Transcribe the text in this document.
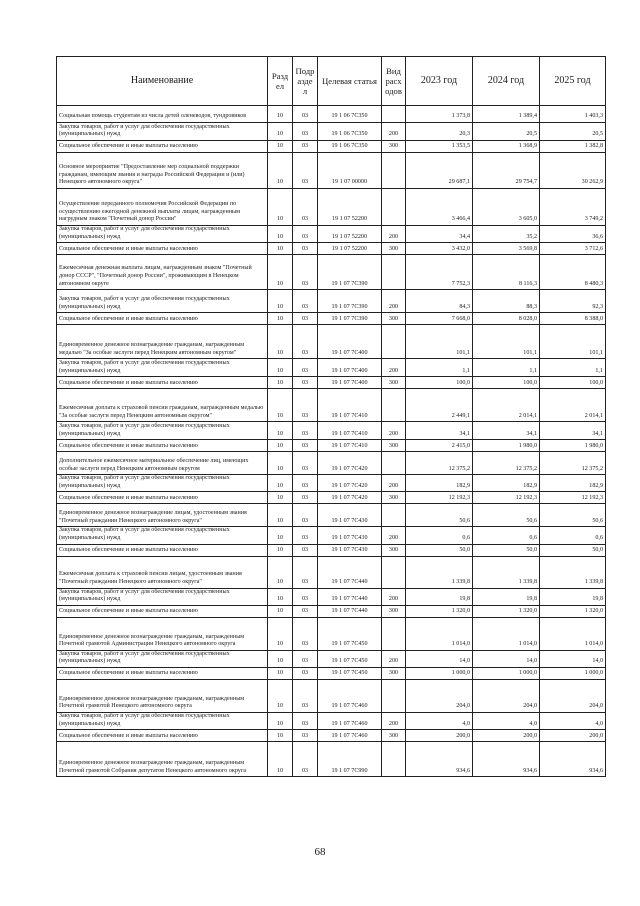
Наименование	Разд ел	Подр азде л	Целевая статья	Вид расх одов	2023 год	2024 год	2025 год
Социальная помощь студентам из числа детей оленеводов, тундровиков	10	03	19 1 06 7С350		1 373,8	1 389,4	1 403,3
Закупка товаров, работ и услуг для обеспечения государственных (муниципальных) нужд	10	03	19 1 06 7С350	200	20,3	20,5	20,5
Социальное обеспечение и иные выплаты населению	10	03	19 1 06 7С350	300	1 353,5	1 368,9	1 382,8
Основное мероприятие "Предоставление мер социальной поддержки гражданам, имеющим звания и награды Российской Федерации и (или) Ненецкого автономного округа"	10	03	19 1 07 00000		29 687,1	29 754,7	30 262,9
Осуществление переданного полномочия Российской Федерации по осуществлению ежегодной денежной выплаты лицам, награжденным нагрудным знаком "Почетный донор России"	10	03	19 1 07 52200		3 466,4	3 605,0	3 749,2
Закупка товаров, работ и услуг для обеспечения государственных (муниципальных) нужд	10	03	19 1 07 52200	200	34,4	35,2	36,6
Социальное обеспечение и иные выплаты населению	10	03	19 1 07 52200	300	3 432,0	3 569,8	3 712,6
Ежемесячная денежная выплата лицам, награжденным знаком "Почетный донор СССР", "Почетный донор России", проживающим в Ненецком автономном округе	10	03	19 1 07 7С390		7 752,3	8 116,3	8 480,3
Закупка товаров, работ и услуг для обеспечения государственных (муниципальных) нужд	10	03	19 1 07 7С390	200	84,3	88,3	92,3
Социальное обеспечение и иные выплаты населению	10	03	19 1 07 7С390	300	7 668,0	8 028,0	8 388,0
Единовременное денежное вознаграждение гражданам, награжденным медалью "За особые заслуги перед Ненецким автономным округом"	10	03	19 1 07 7С400		101,1	101,1	101,1
Закупка товаров, работ и услуг для обеспечения государственных (муниципальных) нужд	10	03	19 1 07 7С400	200	1,1	1,1	1,1
Социальное обеспечение и иные выплаты населению	10	03	19 1 07 7С400	300	100,0	100,0	100,0
Ежемесячная доплата к страховой пенсии гражданам, награжденным медалью "За особые заслуги перед Ненецким автономным округом"	10	03	19 1 07 7С410		2 449,1	2 014,1	2 014,1
Закупка товаров, работ и услуг для обеспечения государственных (муниципальных) нужд	10	03	19 1 07 7С410	200	34,1	34,1	34,1
Социальное обеспечение и иные выплаты населению	10	03	19 1 07 7С410	300	2 415,0	1 980,0	1 980,0
Дополнительное ежемесячное материальное обеспечение лиц, имеющих особые заслуги перед Ненецким автономным округом	10	03	19 1 07 7С420		12 375,2	12 375,2	12 375,2
Закупка товаров, работ и услуг для обеспечения государственных (муниципальных) нужд	10	03	19 1 07 7С420	200	182,9	182,9	182,9
Социальное обеспечение и иные выплаты населению	10	03	19 1 07 7С420	300	12 192,3	12 192,3	12 192,3
Единовременное денежное вознаграждение лицам, удостоенным звания "Почетный гражданин Ненецкого автономного округа"	10	03	19 1 07 7С430		50,6	50,6	50,6
Закупка товаров, работ и услуг для обеспечения государственных (муниципальных) нужд	10	03	19 1 07 7С430	200	0,6	0,6	0,6
Социальное обеспечение и иные выплаты населению	10	03	19 1 07 7С430	300	50,0	50,0	50,0
Ежемесячная доплата к страховой пенсии лицам, удостоенным звания "Почетный гражданин Ненецкого автономного округа"	10	03	19 1 07 7С440		1 339,8	1 339,8	1 339,8
Закупка товаров, работ и услуг для обеспечения государственных (муниципальных) нужд	10	03	19 1 07 7С440	200	19,8	19,8	19,8
Социальное обеспечение и иные выплаты населению	10	03	19 1 07 7С440	300	1 320,0	1 320,0	1 320,0
Единовременное денежное вознаграждение гражданам, награжденным Почетной грамотой Администрации Ненецкого автономного округа	10	03	19 1 07 7С450		1 014,0	1 014,0	1 014,0
Закупка товаров, работ и услуг для обеспечения государственных (муниципальных) нужд	10	03	19 1 07 7С450	200	14,0	14,0	14,0
Социальное обеспечение и иные выплаты населению	10	03	19 1 07 7С450	300	1 000,0	1 000,0	1 000,0
Единовременное денежное вознаграждение гражданам, награжденным Почетной грамотой Ненецкого автономного округа	10	03	19 1 07 7С460		204,0	204,0	204,0
Закупка товаров, работ и услуг для обеспечения государственных (муниципальных) нужд	10	03	19 1 07 7С460	200	4,0	4,0	4,0
Социальное обеспечение и иные выплаты населению	10	03	19 1 07 7С460	300	200,0	200,0	200,0
Единовременное денежное вознаграждение гражданам, награжденным Почетной грамотой Собрания депутатов Ненецкого автономного округа	10	03	19 1 07 7С990		934,6	934,6	934,6
68
